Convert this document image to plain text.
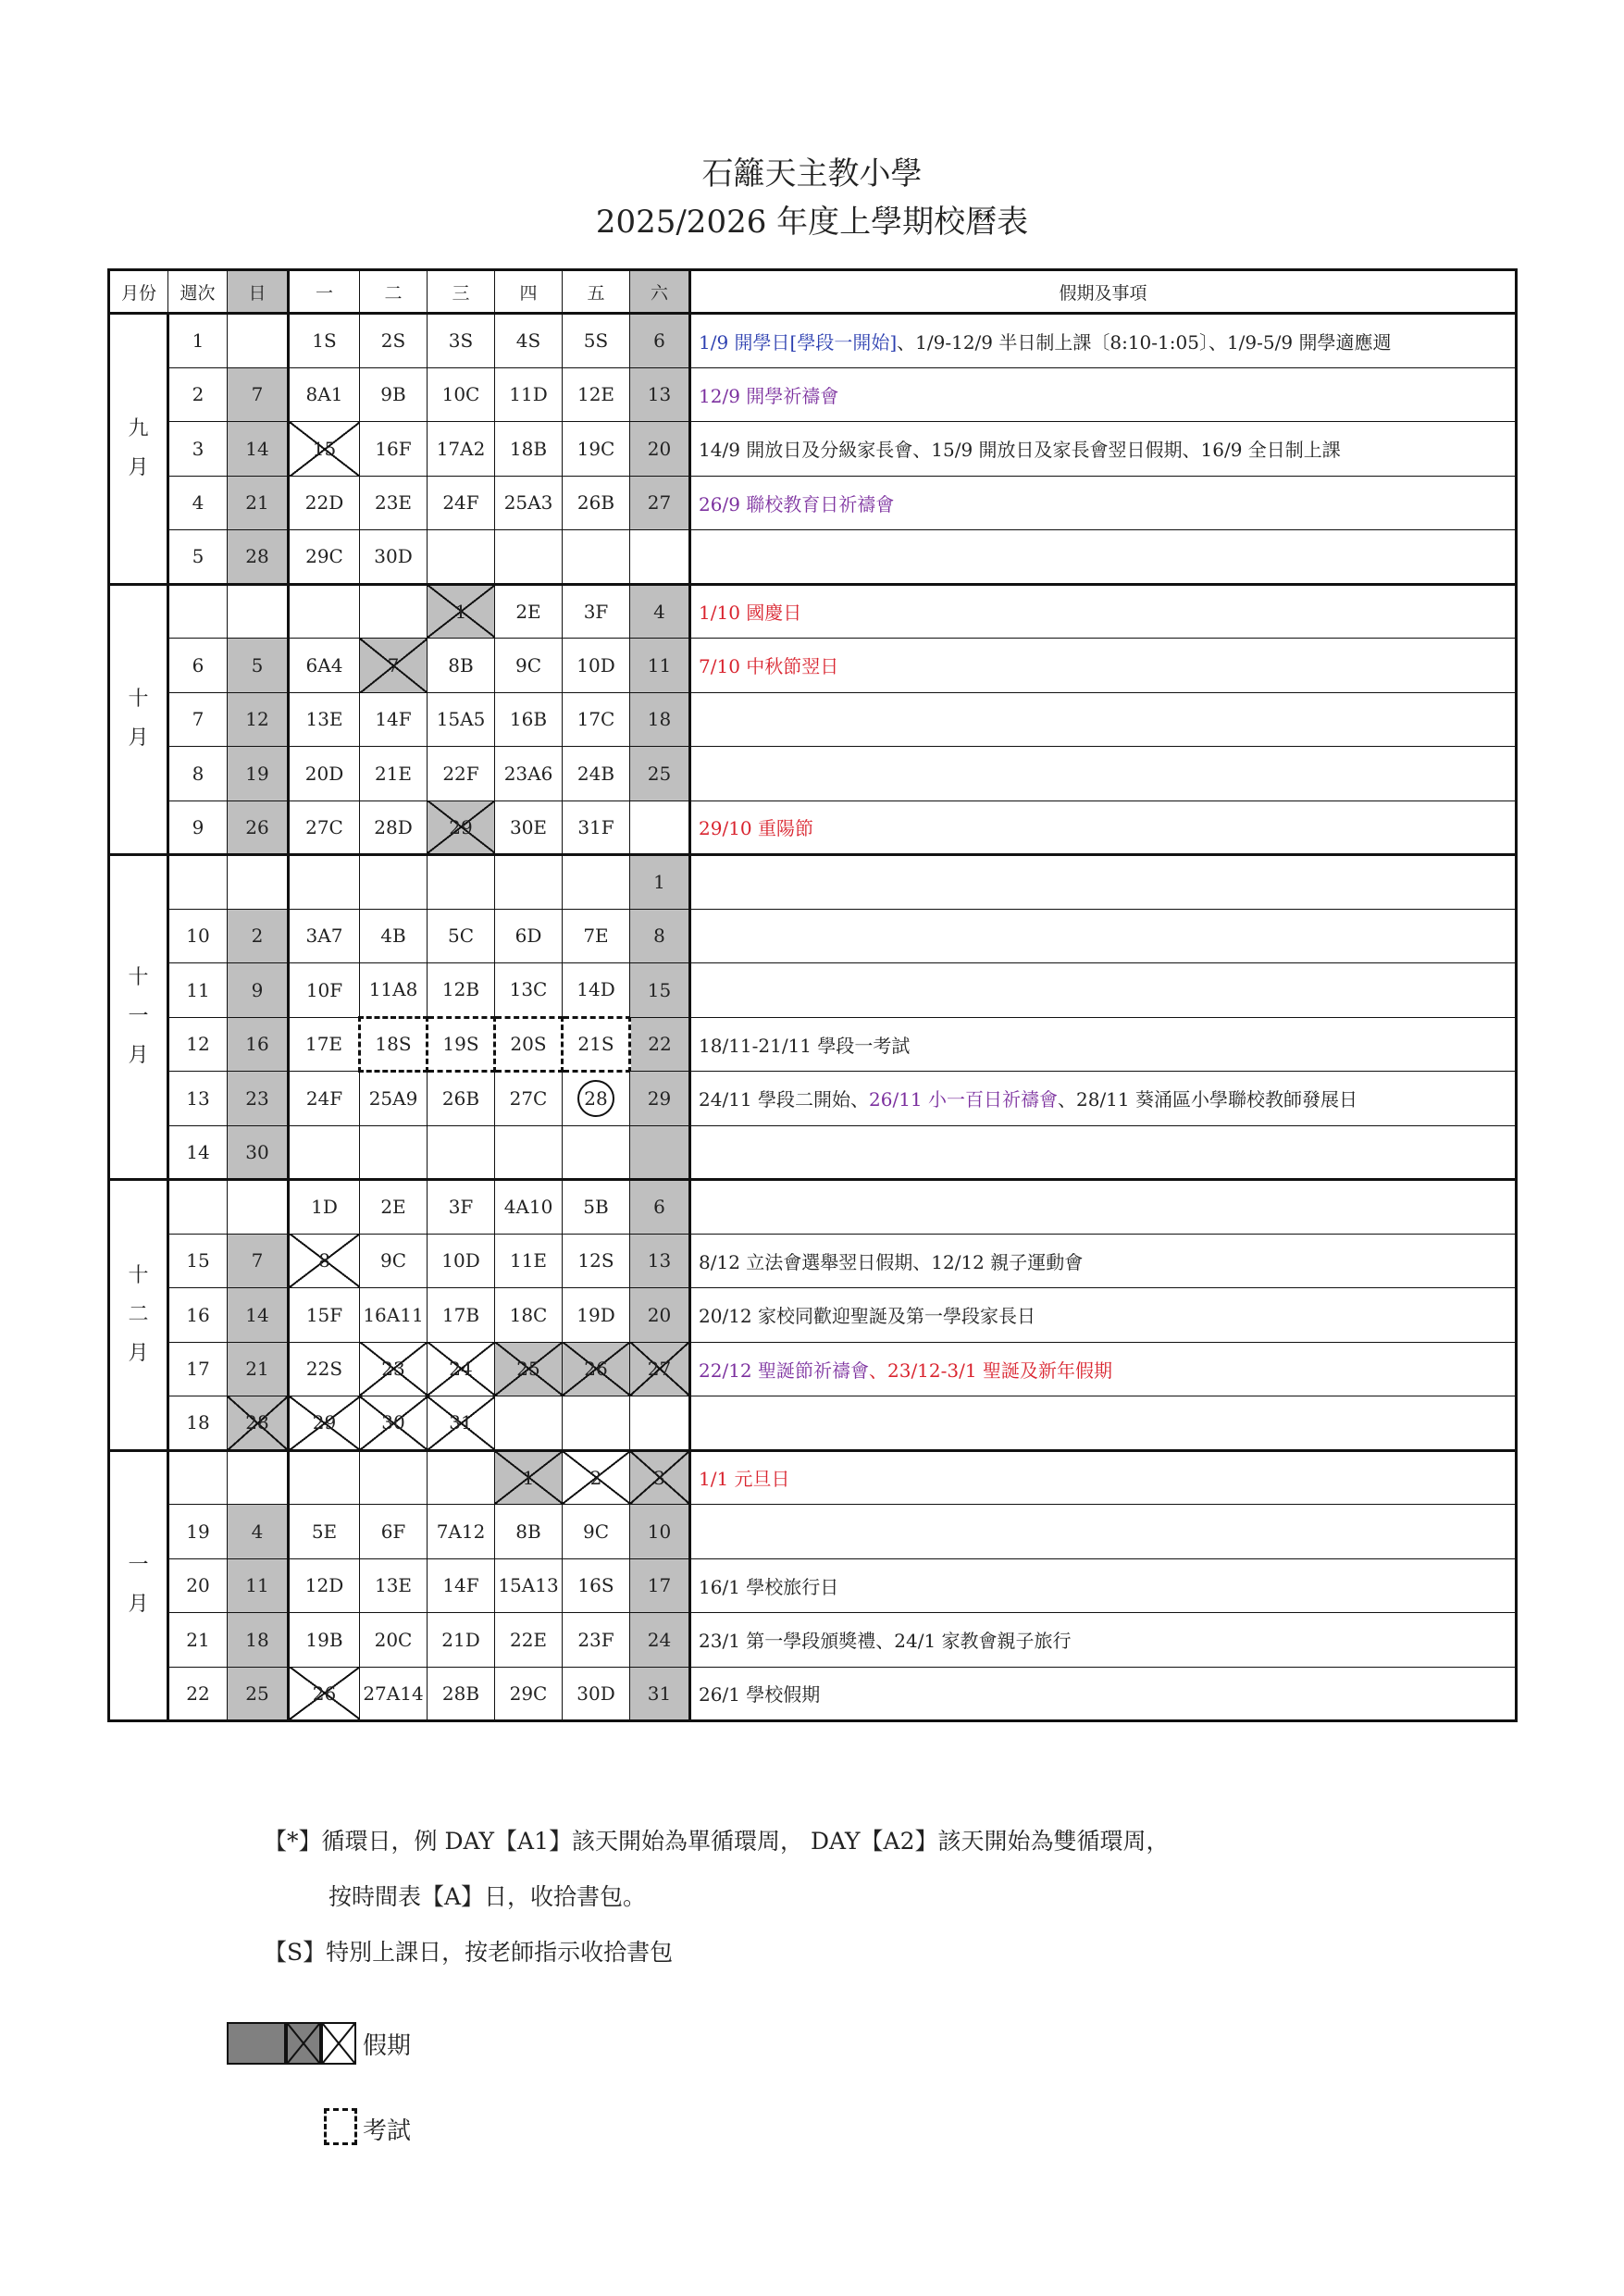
石籬天主教小學
2025/2026 年度上學期校曆表
月份	週次	日	一	二	三	四	五	六	假期及事項

九
月	1		1S	2S	3S	4S	5S	6	1/9 開學日[學段一開始]、1/9-12/9 半日制上課〔8:10-1:05〕、1/9-5/9 開學適應週
	2	7	8A1	9B	10C	11D	12E	13	12/9 開學祈禱會
	3	14	15	16F	17A2	18B	19C	20	14/9 開放日及分級家長會、15/9 開放日及家長會翌日假期、16/9 全日制上課
	4	21	22D	23E	24F	25A3	26B	27	26/9 聯校教育日祈禱會
	5	28	29C	30D					

十
月					1	2E	3F	4	1/10 國慶日
	6	5	6A4	7	8B	9C	10D	11	7/10 中秋節翌日
	7	12	13E	14F	15A5	16B	17C	18	
	8	19	20D	21E	22F	23A6	24B	25	
	9	26	27C	28D	29	30E	31F		29/10 重陽節

十
一
月								1	
	10	2	3A7	4B	5C	6D	7E	8	
	11	9	10F	11A8	12B	13C	14D	15	
	12	16	17E	18S	19S	20S	21S	22	18/11-21/11 學段一考試
	13	23	24F	25A9	26B	27C	28	29	24/11 學段二開始、26/11 小一百日祈禱會、28/11 葵涌區小學聯校教師發展日
	14	30							

十
二
月			1D	2E	3F	4A10	5B	6	
	15	7	8	9C	10D	11E	12S	13	8/12 立法會選舉翌日假期、12/12 親子運動會
	16	14	15F	16A11	17B	18C	19D	20	20/12 家校同歡迎聖誕及第一學段家長日
	17	21	22S	23	24	25	26	27	22/12 聖誕節祈禱會、23/12-3/1 聖誕及新年假期
	18	28	29	30	31				

一
月						1	2	3	1/1 元旦日
	19	4	5E	6F	7A12	8B	9C	10	
	20	11	12D	13E	14F	15A13	16S	17	16/1 學校旅行日
	21	18	19B	20C	21D	22E	23F	24	23/1 第一學段頒獎禮、24/1 家教會親子旅行
	22	25	26	27A14	28B	29C	30D	31	26/1 學校假期
【*】循環日，例 DAY【A1】該天開始為單循環周， DAY【A2】該天開始為雙循環周，
按時間表【A】日，收拾書包。
【S】特別上課日，按老師指示收拾書包
假期
考試
